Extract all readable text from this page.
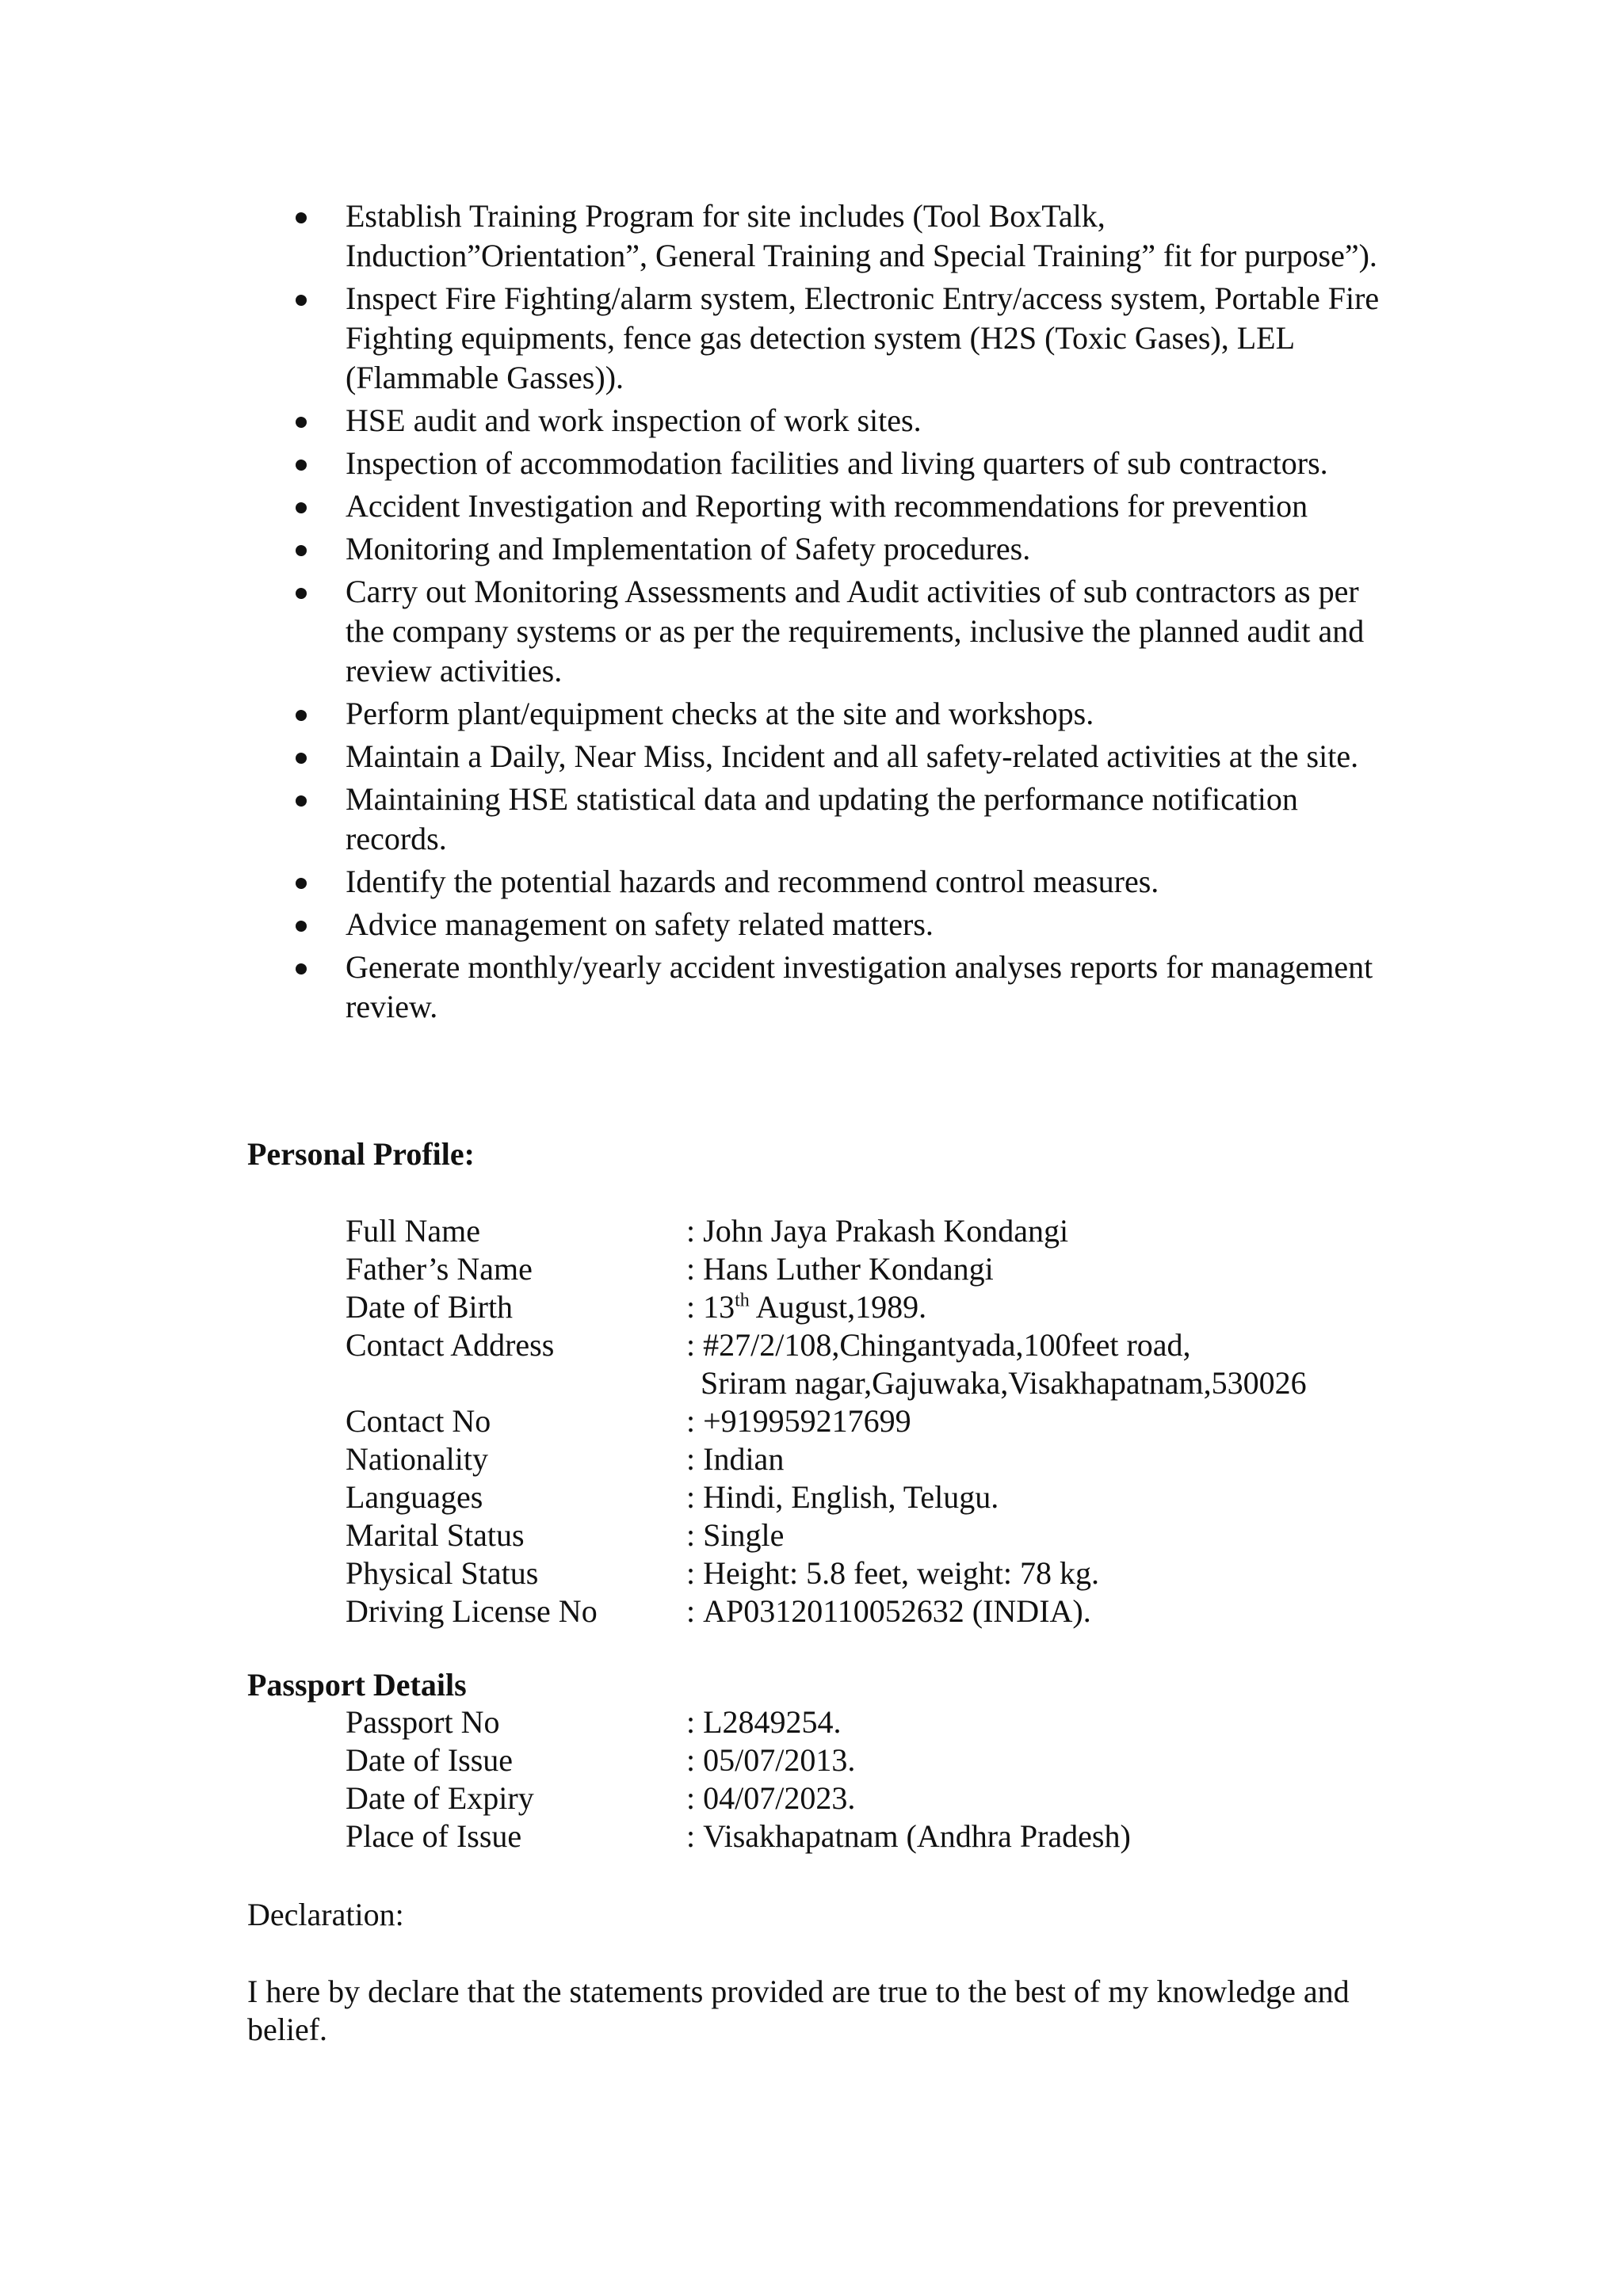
Establish Training Program for site includes (Tool BoxTalk, Induction”Orientation”, General Training and Special Training” fit for purpose”).
Inspect Fire Fighting/alarm system, Electronic Entry/access system, Portable Fire Fighting equipments, fence gas detection system (H2S (Toxic Gases), LEL (Flammable Gasses)).
HSE audit and work inspection of work sites.
Inspection of accommodation facilities and living quarters of sub contractors.
Accident Investigation and Reporting with recommendations for prevention
Monitoring and Implementation of Safety procedures.
Carry out Monitoring Assessments and Audit activities of sub contractors as per the company systems or as per the requirements, inclusive the planned audit and review activities.
Perform plant/equipment checks at the site and workshops.
Maintain a Daily, Near Miss, Incident and all safety-related activities at the site.
Maintaining HSE statistical data and updating the performance notification records.
Identify the potential hazards and recommend control measures.
Advice management on safety related matters.
Generate monthly/yearly accident investigation analyses reports for management review.
Personal Profile:
Full Name	: John Jaya Prakash Kondangi
Father’s Name	: Hans Luther Kondangi
Date of Birth	: 13th August,1989.
Contact Address	: #27/2/108,Chingantyada,100feet road,
Sriram nagar,Gajuwaka,Visakhapatnam,530026
Contact No	: +919959217699
Nationality	: Indian
Languages	: Hindi, English, Telugu.
Marital Status	: Single
Physical Status	: Height: 5.8 feet, weight: 78 kg.
Driving License No	: AP03120110052632 (INDIA).
Passport Details
Passport No	: L2849254.
Date of Issue	: 05/07/2013.
Date of Expiry	: 04/07/2023.
Place of Issue	: Visakhapatnam (Andhra Pradesh)
Declaration:
I here by declare that the statements provided are true to the best of my knowledge and belief.
